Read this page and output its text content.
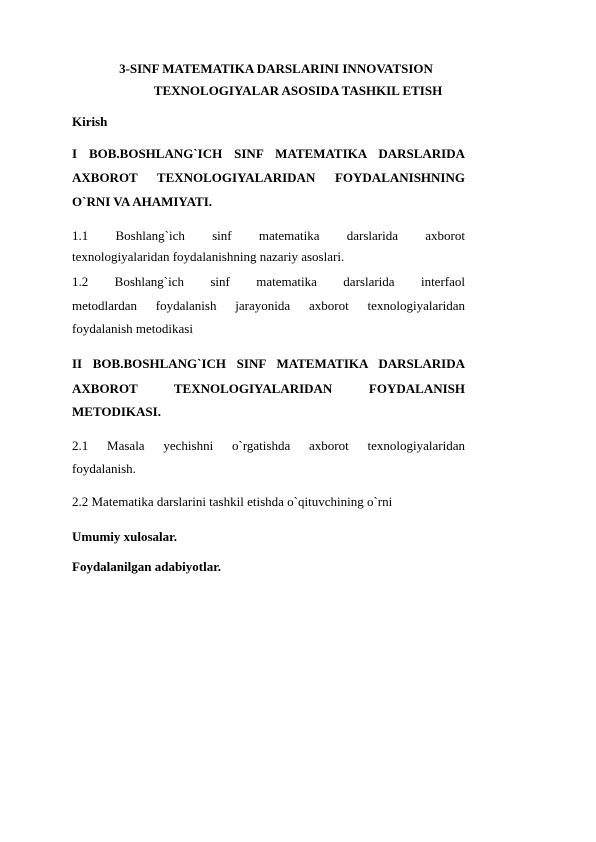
3-SINF MATEMATIKA DARSLARINI INNOVATSION
TEXNOLOGIYALAR ASOSIDA TASHKIL ETISH
Kirish
I BOB.BOSHLANG`ICH SINF MATEMATIKA DARSLARIDA
AXBOROT TEXNOLOGIYALARIDAN FOYDALANISHNING
O`RNI VA AHAMIYATI.
1.1 Boshlang`ich sinf matematika darslarida axborot
texnologiyalaridan foydalanishning nazariy asoslari.
1.2 Boshlang`ich sinf matematika darslarida interfaol
metodlardan foydalanish jarayonida axborot texnologiyalaridan
foydalanish metodikasi
II BOB.BOSHLANG`ICH SINF MATEMATIKA DARSLARIDA
AXBOROT TEXNOLOGIYALARIDAN FOYDALANISH
METODIKASI.
2.1 Masala yechishni o`rgatishda axborot texnologiyalaridan
foydalanish.
2.2 Matematika darslarini tashkil etishda o`qituvchining o`rni
Umumiy xulosalar.
Foydalanilgan adabiyotlar.
